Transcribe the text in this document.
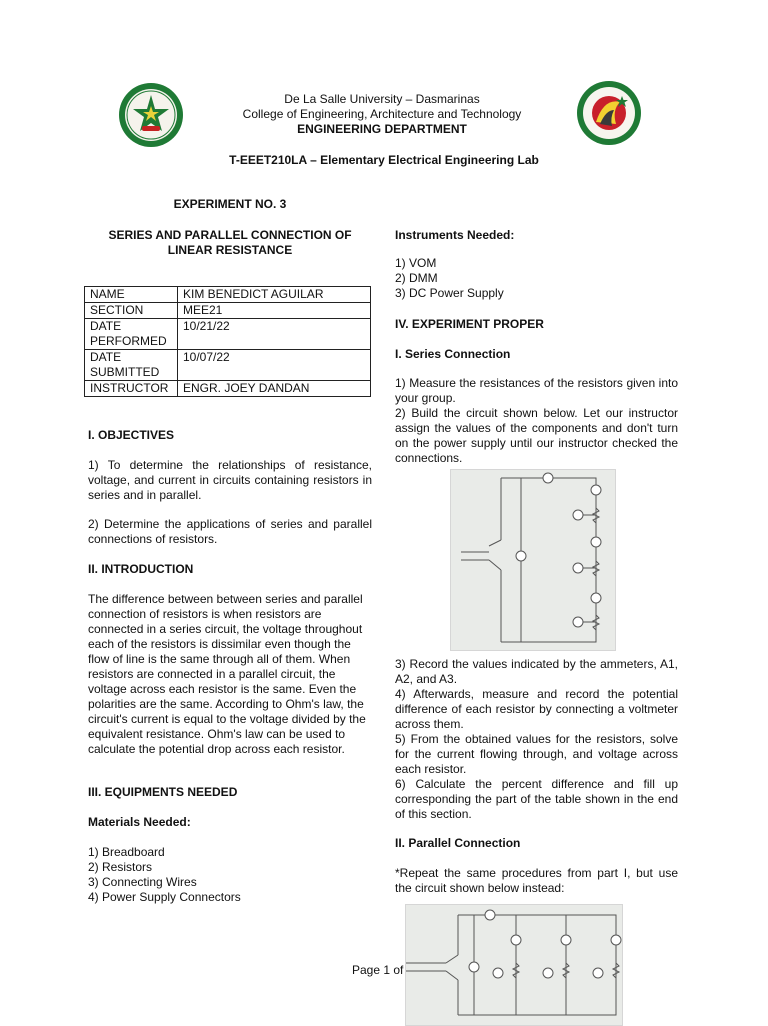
De La Salle University – Dasmarinas
College of Engineering, Architecture and Technology
ENGINEERING DEPARTMENT
T-EEET210LA – Elementary Electrical Engineering Lab
EXPERIMENT NO. 3
SERIES AND PARALLEL CONNECTION OF LINEAR RESISTANCE
NAME	KIM BENEDICT AGUILAR
SECTION	MEE21
DATE PERFORMED	10/21/22
DATE SUBMITTED	10/07/22
INSTRUCTOR	ENGR. JOEY DANDAN
I. OBJECTIVES
1) To determine the relationships of resistance, voltage, and current in circuits containing resistors in series and in parallel.
2) Determine the applications of series and parallel connections of resistors.
II. INTRODUCTION
The difference between between series and parallel connection of resistors is when resistors are connected in a series circuit, the voltage throughout each of the resistors is dissimilar even though the flow of line is the same through all of them. When resistors are connected in a parallel circuit, the voltage across each resistor is the same. Even the polarities are the same. According to Ohm's law, the circuit's current is equal to the voltage divided by the equivalent resistance. Ohm's law can be used to calculate the potential drop across each resistor.
III. EQUIPMENTS NEEDED
Materials Needed:
1) Breadboard
2) Resistors
3) Connecting Wires
4) Power Supply Connectors
Instruments Needed:
1) VOM
2) DMM
3) DC Power Supply
IV. EXPERIMENT PROPER
I. Series Connection
1) Measure the resistances of the resistors given into your group.
2) Build the circuit shown below. Let our instructor assign the values of the components and don't turn on the power supply until our instructor checked the connections.
3) Record the values indicated by the ammeters, A1, A2, and A3.
4) Afterwards, measure and record the potential difference of each resistor by connecting a voltmeter across them.
5) From the obtained values for the resistors, solve for the current flowing through, and voltage across each resistor.
6) Calculate the percent difference and fill up corresponding the part of the table shown in the end of this section.
II. Parallel Connection
*Repeat the same procedures from part I, but use the circuit shown below instead:
Page 1 of
